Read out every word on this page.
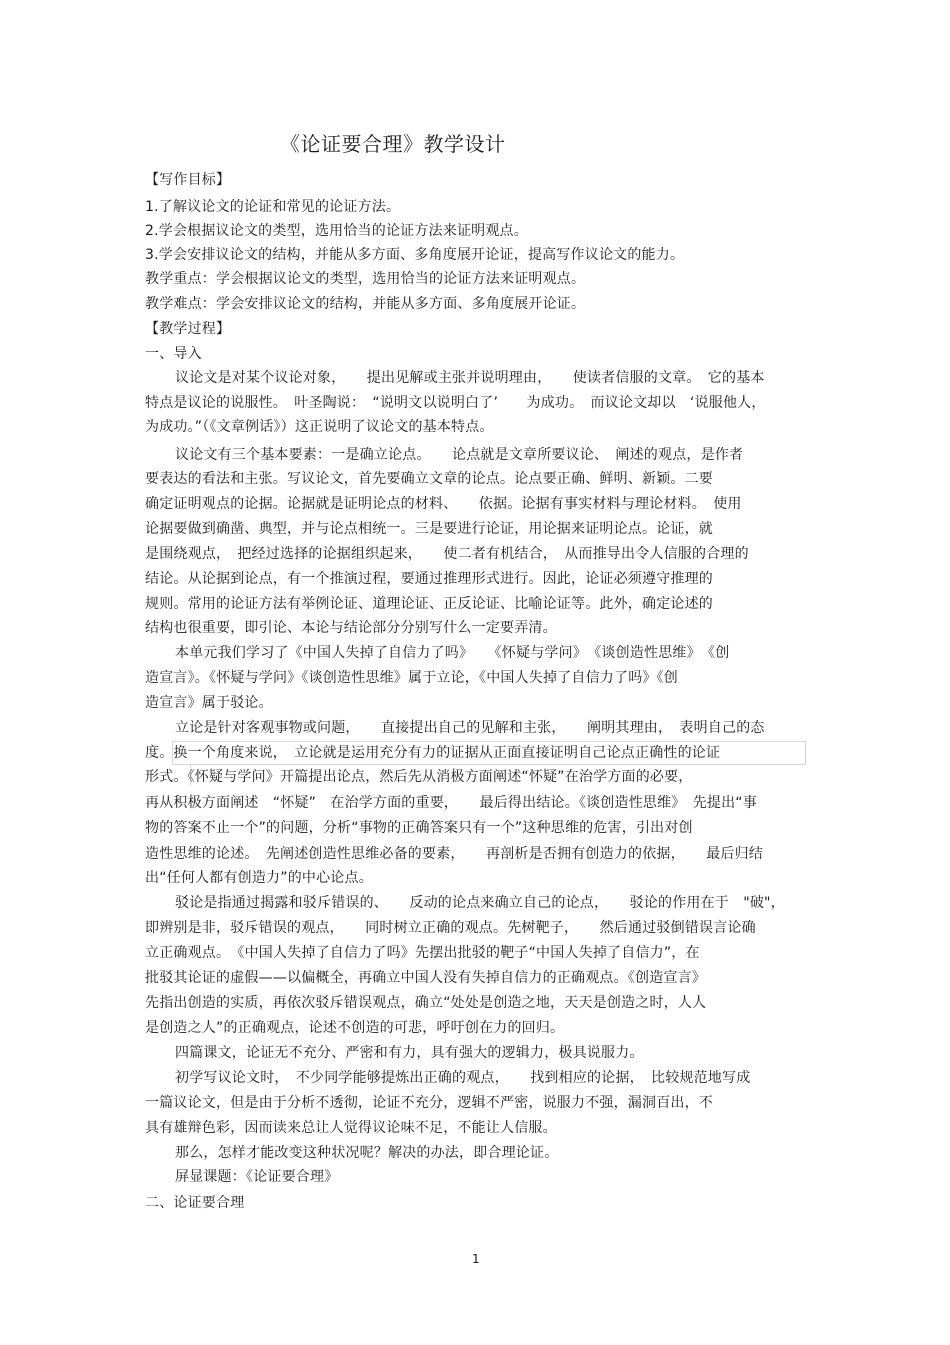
《论证要合理》教学设计
【写作目标】
1.了解议论文的论证和常见的论证方法。
2.学会根据议论文的类型，选用恰当的论证方法来证明观点。
3.学会安排议论文的结构，并能从多方面、多角度展开论证，提高写作议论文的能力。
教学重点：学会根据议论文的类型，选用恰当的论证方法来证明观点。
教学难点：学会安排议论文的结构，并能从多方面、多角度展开论证。
【教学过程】
一、导入
议论文是对某个议论对象，　　提出见解或主张并说明理由，　　使读者信服的文章。　它的基本
特点是议论的说服性。　叶圣陶说：　“说明文以说明白了’　　为成功。　而议论文却以　‘说服他人，
为成功。”（《文章例话》）这正说明了议论文的基本特点。
议论文有三个基本要素：一是确立论点。　　论点就是文章所要议论、　阐述的观点，是作者
要表达的看法和主张。写议论文，首先要确立文章的论点。论点要正确、鲜明、新颖。二要
确定证明观点的论据。论据就是证明论点的材料、　　依据。论据有事实材料与理论材料。　使用
论据要做到确凿、典型，并与论点相统一。三是要进行论证，用论据来证明论点。论证，就
是围绕观点，　把经过选择的论据组织起来，　　使二者有机结合，　从而推导出令人信服的合理的
结论。从论据到论点，有一个推演过程，要通过推理形式进行。因此，论证必须遵守推理的
规则。常用的论证方法有举例论证、道理论证、正反论证、比喻论证等。此外，确定论述的
结构也很重要，即引论、本论与结论部分分别写什么一定要弄清。
本单元我们学习了《中国人失掉了自信力了吗》　　《怀疑与学问》　《谈创造性思维》　《创
造宣言》。《怀疑与学问》《谈创造性思维》属于立论，《中国人失掉了自信力了吗》《创
造宣言》属于驳论。
立论是针对客观事物或问题，　　直接提出自己的见解和主张，　　阐明其理由，　表明自己的态
度。换一个角度来说，　立论就是运用充分有力的证据从正面直接证明自己论点正确性的论证
形式。《怀疑与学问》开篇提出论点，然后先从消极方面阐述“怀疑”在治学方面的必要，
再从积极方面阐述　“怀疑”　在治学方面的重要，　　最后得出结论。《谈创造性思维》　先提出“事
物的答案不止一个”的问题，分析“事物的正确答案只有一个”这种思维的危害，引出对创
造性思维的论述。　先阐述创造性思维必备的要素，　　再剖析是否拥有创造力的依据，　　最后归结
出“任何人都有创造力”的中心论点。
驳论是指通过揭露和驳斥错误的、　　反动的论点来确立自己的论点，　　驳论的作用在于　"破"，
即辨别是非，驳斥错误的观点，　　同时树立正确的观点。先树靶子，　　然后通过驳倒错误言论确
立正确观点。　《中国人失掉了自信力了吗》先摆出批驳的靶子“中国人失掉了自信力”，在
批驳其论证的虚假——以偏概全，再确立中国人没有失掉自信力的正确观点。《创造宣言》
先指出创造的实质，再依次驳斥错误观点，确立“处处是创造之地，天天是创造之时，人人
是创造之人”的正确观点，论述不创造的可悲，呼吁创在力的回归。
四篇课文，论证无不充分、严密和有力，具有强大的逻辑力，极具说服力。
初学写议论文时，　不少同学能够提炼出正确的观点，　　找到相应的论据，　比较规范地写成
一篇议论文，但是由于分析不透彻，论证不充分，逻辑不严密，说服力不强，漏洞百出，不
具有雄辩色彩，因而读来总让人觉得议论味不足，不能让人信服。
那么，怎样才能改变这种状况呢？解决的办法，即合理论证。
屏显课题：《论证要合理》
二、论证要合理
1
